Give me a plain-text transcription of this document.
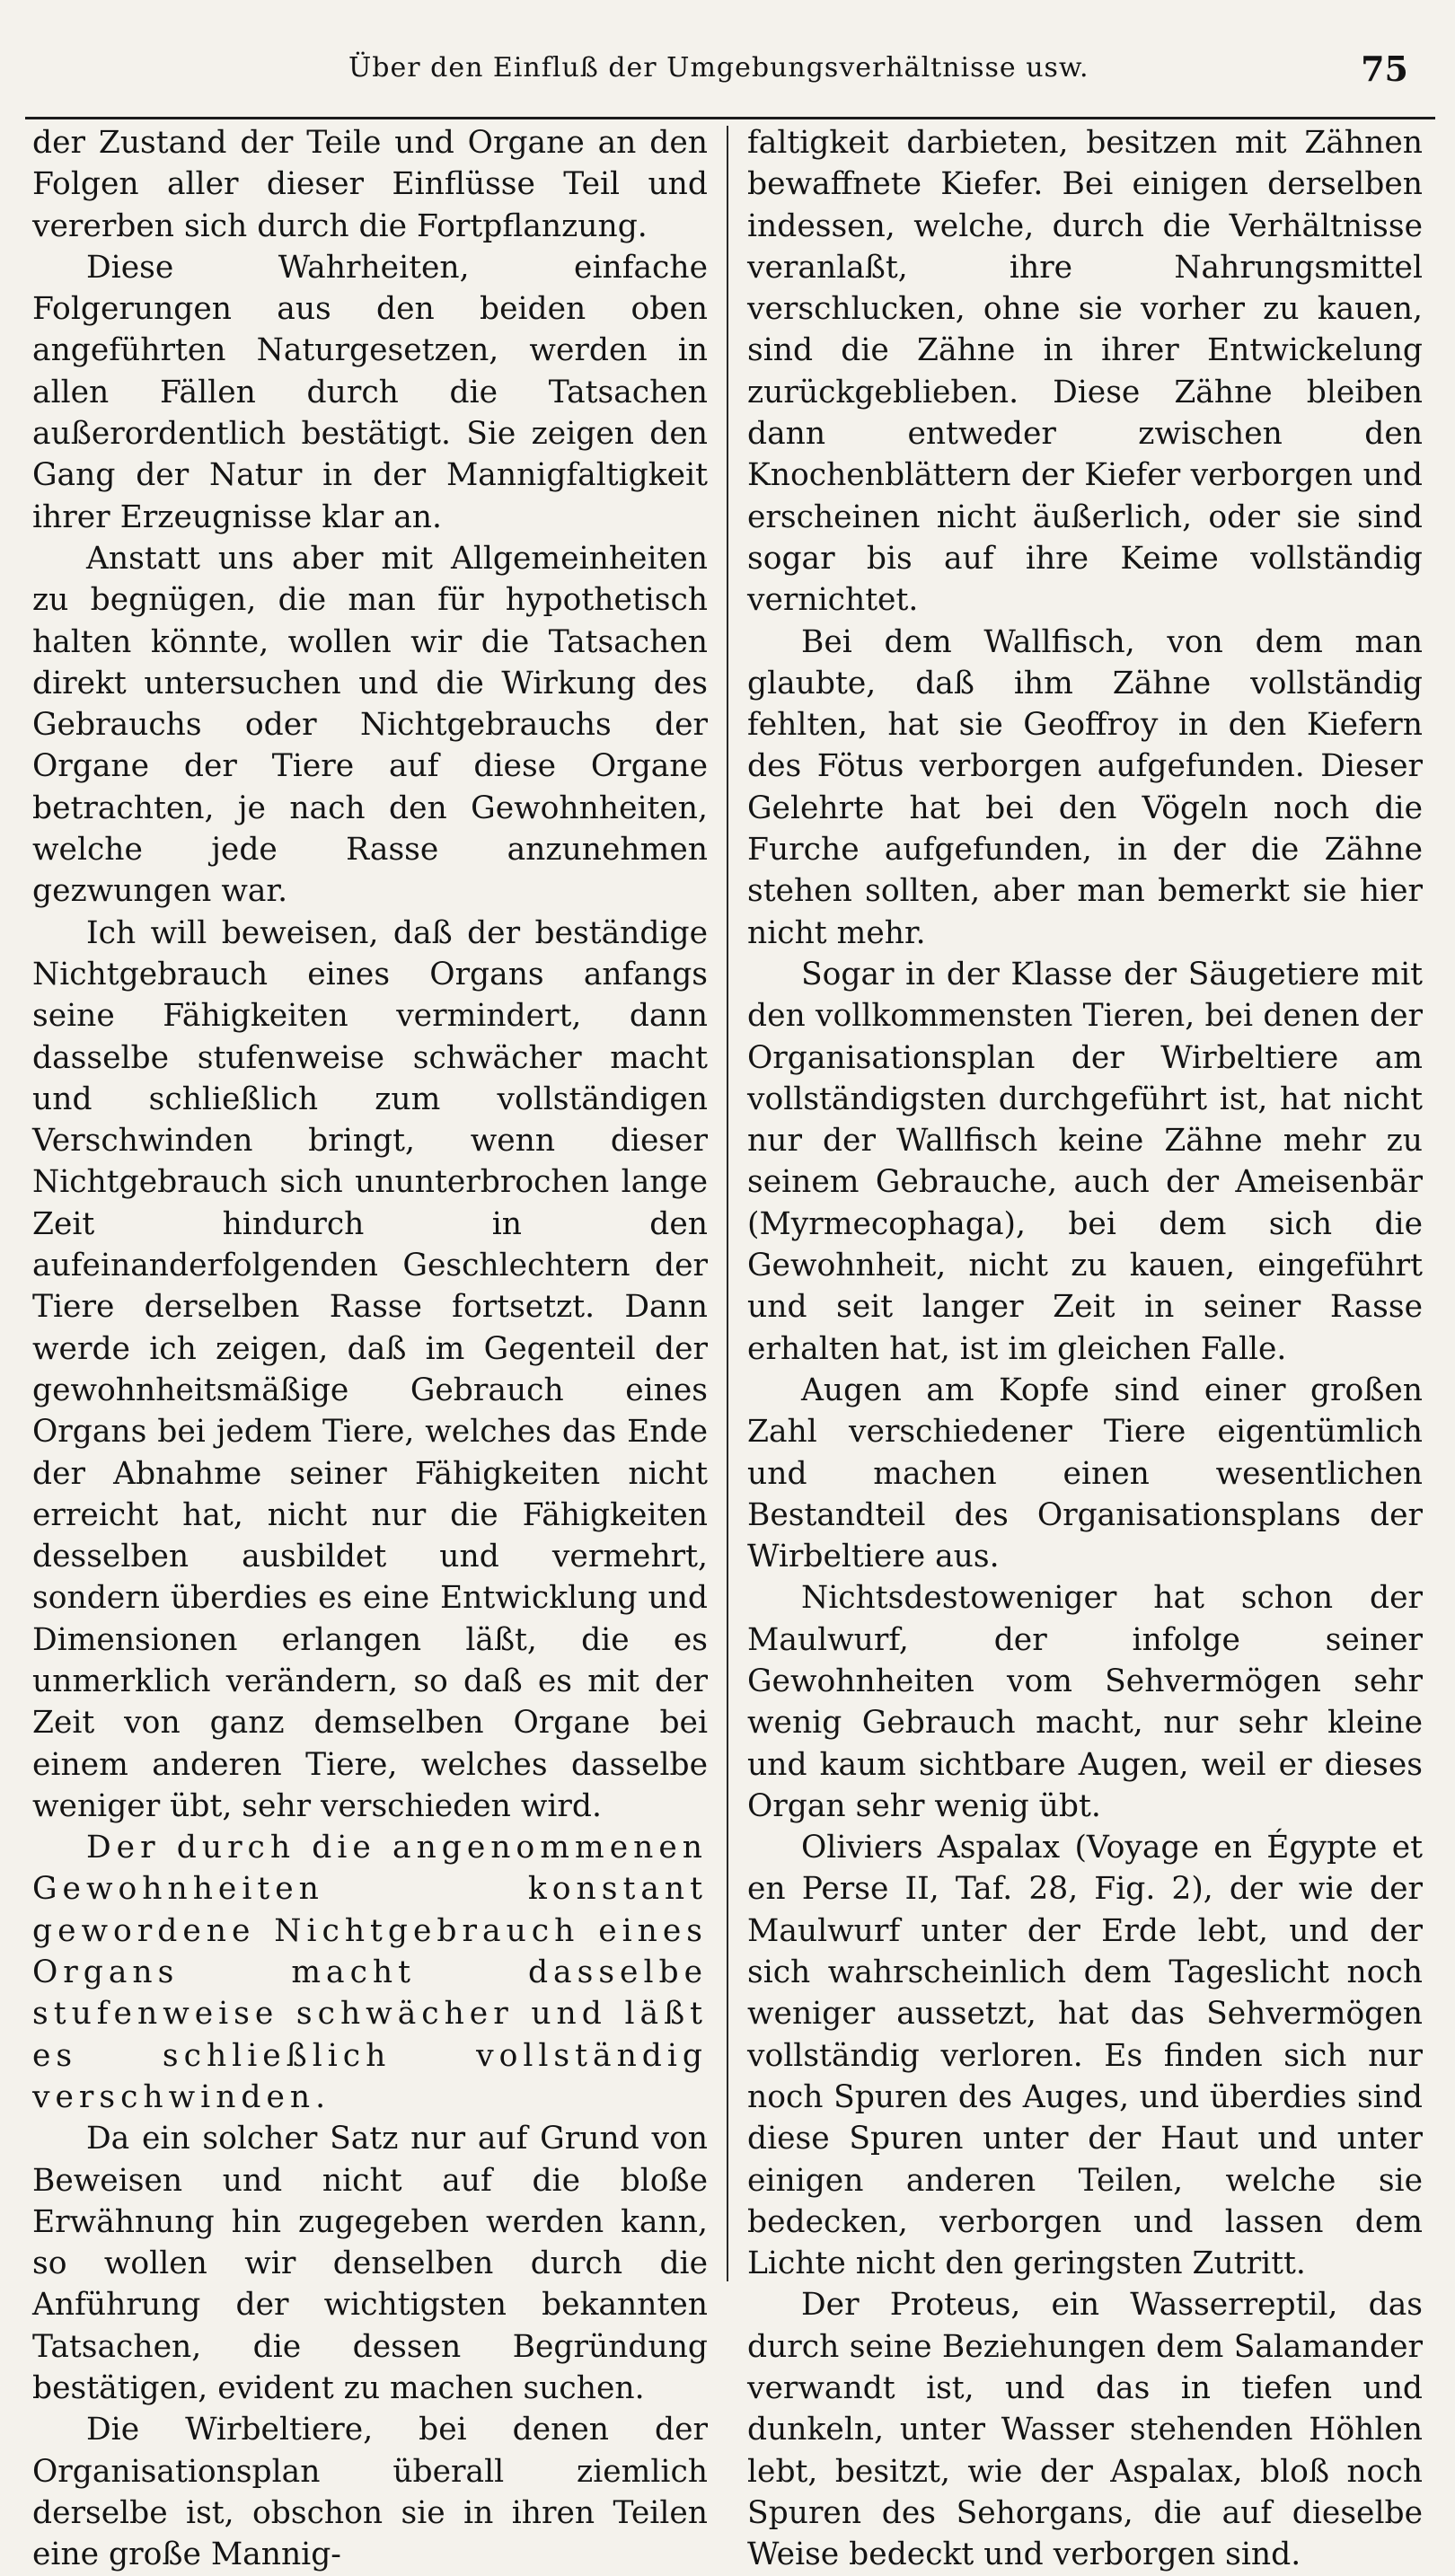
Über den Einfluß der Umgebungsverhältnisse usw.	75

der Zustand der Teile und Organe an den Folgen aller dieser Einflüsse Teil und vererben sich durch die Fortpflanzung.

Diese Wahrheiten, einfache Folgerungen aus den beiden oben angeführten Naturgesetzen, werden in allen Fällen durch die Tatsachen außerordentlich bestätigt. Sie zeigen den Gang der Natur in der Mannigfaltigkeit ihrer Erzeugnisse klar an.

Anstatt uns aber mit Allgemeinheiten zu begnügen, die man für hypothetisch halten könnte, wollen wir die Tatsachen direkt untersuchen und die Wirkung des Gebrauchs oder Nichtgebrauchs der Organe der Tiere auf diese Organe betrachten, je nach den Gewohnheiten, welche jede Rasse anzunehmen gezwungen war.

Ich will beweisen, daß der beständige Nichtgebrauch eines Organs anfangs seine Fähigkeiten vermindert, dann dasselbe stufenweise schwächer macht und schließlich zum vollständigen Verschwinden bringt, wenn dieser Nichtgebrauch sich ununterbrochen lange Zeit hindurch in den aufeinanderfolgenden Geschlechtern der Tiere derselben Rasse fortsetzt. Dann werde ich zeigen, daß im Gegenteil der gewohnheitsmäßige Gebrauch eines Organs bei jedem Tiere, welches das Ende der Abnahme seiner Fähigkeiten nicht erreicht hat, nicht nur die Fähigkeiten desselben ausbildet und vermehrt, sondern überdies es eine Entwicklung und Dimensionen erlangen läßt, die es unmerklich verändern, so daß es mit der Zeit von ganz demselben Organe bei einem anderen Tiere, welches dasselbe weniger übt, sehr verschieden wird.

Der durch die angenommenen Gewohnheiten konstant gewordene Nichtgebrauch eines Organs macht dasselbe stufenweise schwächer und läßt es schließlich vollständig verschwinden.

Da ein solcher Satz nur auf Grund von Beweisen und nicht auf die bloße Erwähnung hin zugegeben werden kann, so wollen wir denselben durch die Anführung der wichtigsten bekannten Tatsachen, die dessen Begründung bestätigen, evident zu machen suchen.

Die Wirbeltiere, bei denen der Organisationsplan überall ziemlich derselbe ist, obschon sie in ihren Teilen eine große Mannig-

faltigkeit darbieten, besitzen mit Zähnen bewaffnete Kiefer. Bei einigen derselben indessen, welche, durch die Verhältnisse veranlaßt, ihre Nahrungsmittel verschlucken, ohne sie vorher zu kauen, sind die Zähne in ihrer Entwickelung zurückgeblieben. Diese Zähne bleiben dann entweder zwischen den Knochenblättern der Kiefer verborgen und erscheinen nicht äußerlich, oder sie sind sogar bis auf ihre Keime vollständig vernichtet.

Bei dem Wallfisch, von dem man glaubte, daß ihm Zähne vollständig fehlten, hat sie Geoffroy in den Kiefern des Fötus verborgen aufgefunden. Dieser Gelehrte hat bei den Vögeln noch die Furche aufgefunden, in der die Zähne stehen sollten, aber man bemerkt sie hier nicht mehr.

Sogar in der Klasse der Säugetiere mit den vollkommensten Tieren, bei denen der Organisationsplan der Wirbeltiere am vollständigsten durchgeführt ist, hat nicht nur der Wallfisch keine Zähne mehr zu seinem Gebrauche, auch der Ameisenbär (Myrmecophaga), bei dem sich die Gewohnheit, nicht zu kauen, eingeführt und seit langer Zeit in seiner Rasse erhalten hat, ist im gleichen Falle.

Augen am Kopfe sind einer großen Zahl verschiedener Tiere eigentümlich und machen einen wesentlichen Bestandteil des Organisationsplans der Wirbeltiere aus.

Nichtsdestoweniger hat schon der Maulwurf, der infolge seiner Gewohnheiten vom Sehvermögen sehr wenig Gebrauch macht, nur sehr kleine und kaum sichtbare Augen, weil er dieses Organ sehr wenig übt.

Oliviers Aspalax (Voyage en Égypte et en Perse II, Taf. 28, Fig. 2), der wie der Maulwurf unter der Erde lebt, und der sich wahrscheinlich dem Tageslicht noch weniger aussetzt, hat das Sehvermögen vollständig verloren. Es finden sich nur noch Spuren des Auges, und überdies sind diese Spuren unter der Haut und unter einigen anderen Teilen, welche sie bedecken, verborgen und lassen dem Lichte nicht den geringsten Zutritt.

Der Proteus, ein Wasserreptil, das durch seine Beziehungen dem Salamander verwandt ist, und das in tiefen und dunkeln, unter Wasser stehenden Höhlen lebt, besitzt, wie der Aspalax, bloß noch Spuren des Sehorgans, die auf dieselbe Weise bedeckt und verborgen sind.
